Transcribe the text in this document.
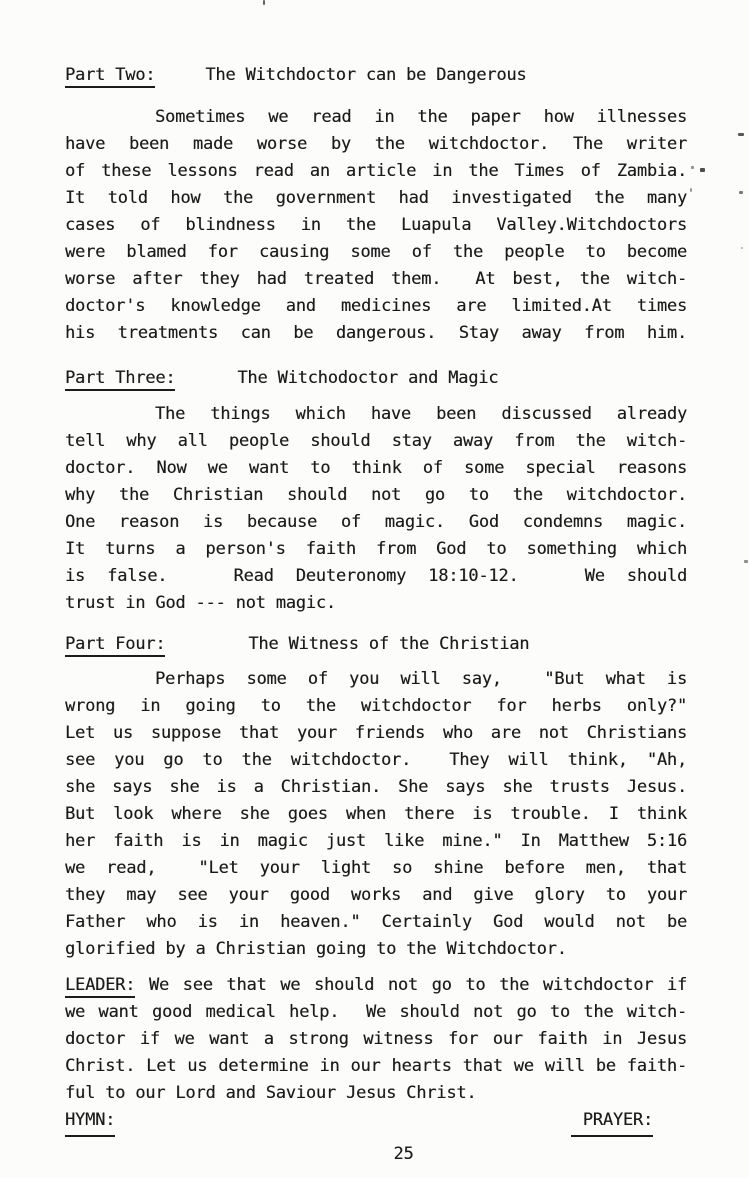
Part Two:	The Witchdoctor can be Dangerous
Sometimes we read in the paper how illnesses
have been made worse by the witchdoctor. The writer
of these lessons read an article in the Times of Zambia.
It told how the government had investigated the many
cases of blindness in the Luapula Valley.Witchdoctors
were blamed for causing some of the people to become
worse after they had treated them.  At best, the witch-
doctor's knowledge and medicines are limited.At times
his treatments can be dangerous. Stay away from him.
Part Three:	The Witchodoctor and Magic
The things which have been discussed already
tell why all people should stay away from the witch-
doctor. Now we want to think of some special reasons
why the Christian should not go to the witchdoctor.
One reason is because of magic. God condemns magic.
It turns a person's faith from God to something which
is false.   Read Deuteronomy 18:10-12.   We should
trust in God --- not magic.
Part Four:	The Witness of the Christian
Perhaps some of you will say,  "But what is
wrong in going to the witchdoctor for herbs only?"
Let us suppose that your friends who are not Christians
see you go to the witchdoctor.  They will think, "Ah,
she says she is a Christian. She says she trusts Jesus.
But look where she goes when there is trouble. I think
her faith is in magic just like mine." In Matthew 5:16
we read,  "Let your light so shine before men, that
they may see your good works and give glory to your
Father who is in heaven." Certainly God would not be
glorified by a Christian going to the Witchdoctor.
LEADER: We see that we should not go to the witchdoctor if
we want good medical help.  We should not go to the witch-
doctor if we want a strong witness for our faith in Jesus
Christ. Let us determine in our hearts that we will be faith-
ful to our Lord and Saviour Jesus Christ.
HYMN:	PRAYER:
25
